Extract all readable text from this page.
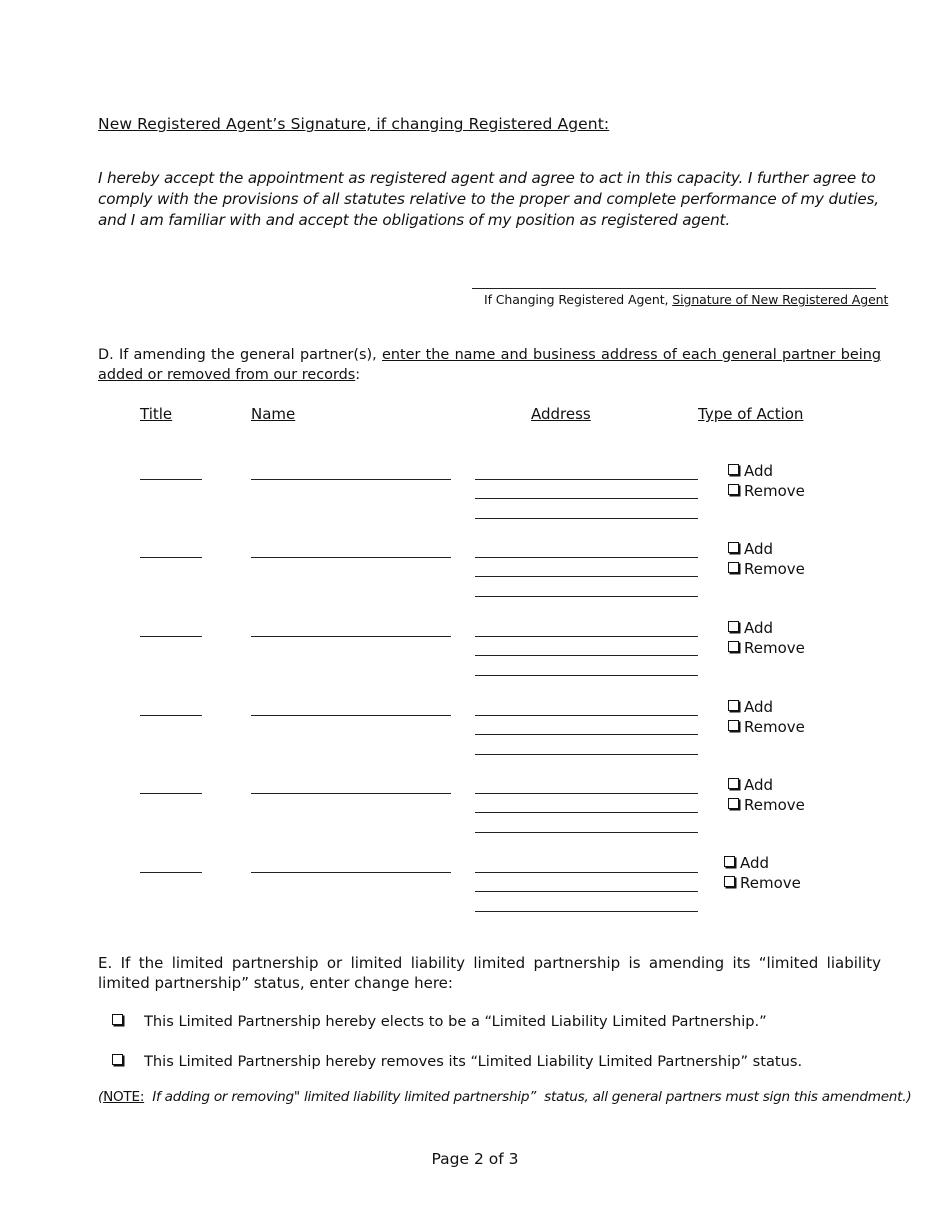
New Registered Agent’s Signature, if changing Registered Agent:
I hereby accept the appointment as registered agent and agree to act in this capacity. I further agree to comply with the provisions of all statutes relative to the proper and complete performance of my duties, and I am familiar with and accept the obligations of my position as registered agent.
If Changing Registered Agent, Signature of New Registered Agent
D. If amending the general partner(s), enter the name and business address of each general partner being added or removed from our records:
Title	Name	Address	Type of Action
Add
Remove
Add
Remove
Add
Remove
Add
Remove
Add
Remove
Add
Remove
E. If the limited partnership or limited liability limited partnership is amending its “limited liability limited partnership” status, enter change here:
This Limited Partnership hereby elects to be a “Limited Liability Limited Partnership.”
This Limited Partnership hereby removes its “Limited Liability Limited Partnership” status.
(NOTE:  If adding or removing" limited liability limited partnership”  status, all general partners must sign this amendment.)
Page 2 of 3
